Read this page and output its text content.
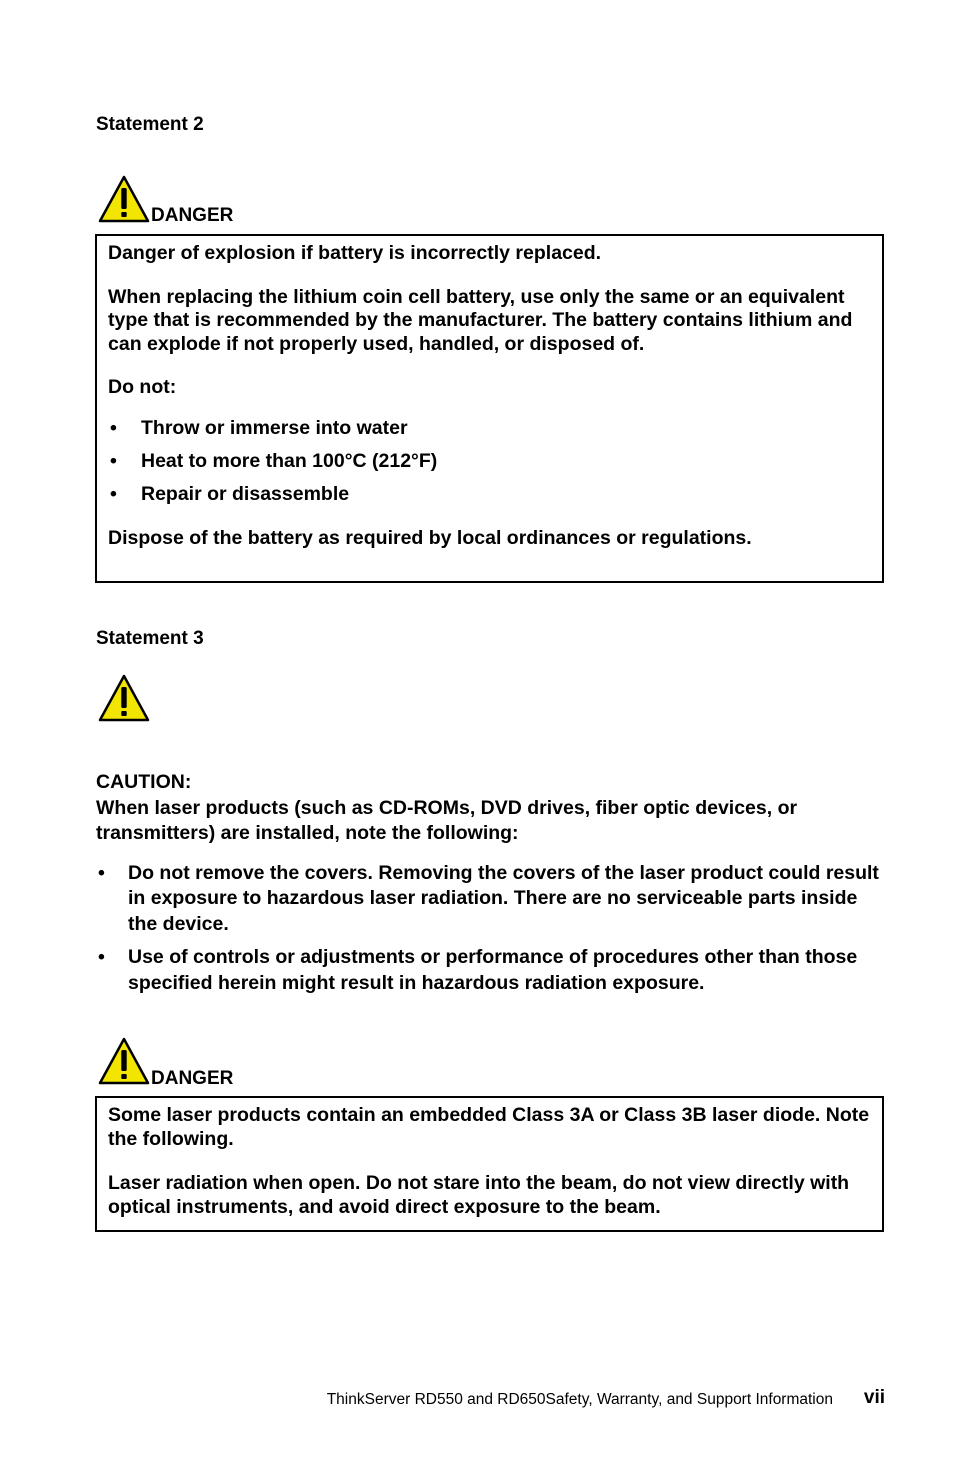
Statement 2
DANGER

Danger of explosion if battery is incorrectly replaced.

When replacing the lithium coin cell battery, use only the same or an equivalent type that is recommended by the manufacturer. The battery contains lithium and can explode if not properly used, handled, or disposed of.

Do not:

• Throw or immerse into water
• Heat to more than 100°C (212°F)
• Repair or disassemble

Dispose of the battery as required by local ordinances or regulations.

Statement 3

CAUTION:

When laser products (such as CD-ROMs, DVD drives, fiber optic devices, or transmitters) are installed, note the following:

• Do not remove the covers. Removing the covers of the laser product could result in exposure to hazardous laser radiation. There are no serviceable parts inside the device.
• Use of controls or adjustments or performance of procedures other than those specified herein might result in hazardous radiation exposure.
DANGER

Some laser products contain an embedded Class 3A or Class 3B laser diode. Note the following.

Laser radiation when open. Do not stare into the beam, do not view directly with optical instruments, and avoid direct exposure to the beam.

ThinkServer RD550 and RD650Safety, Warranty, and Support Information vii
